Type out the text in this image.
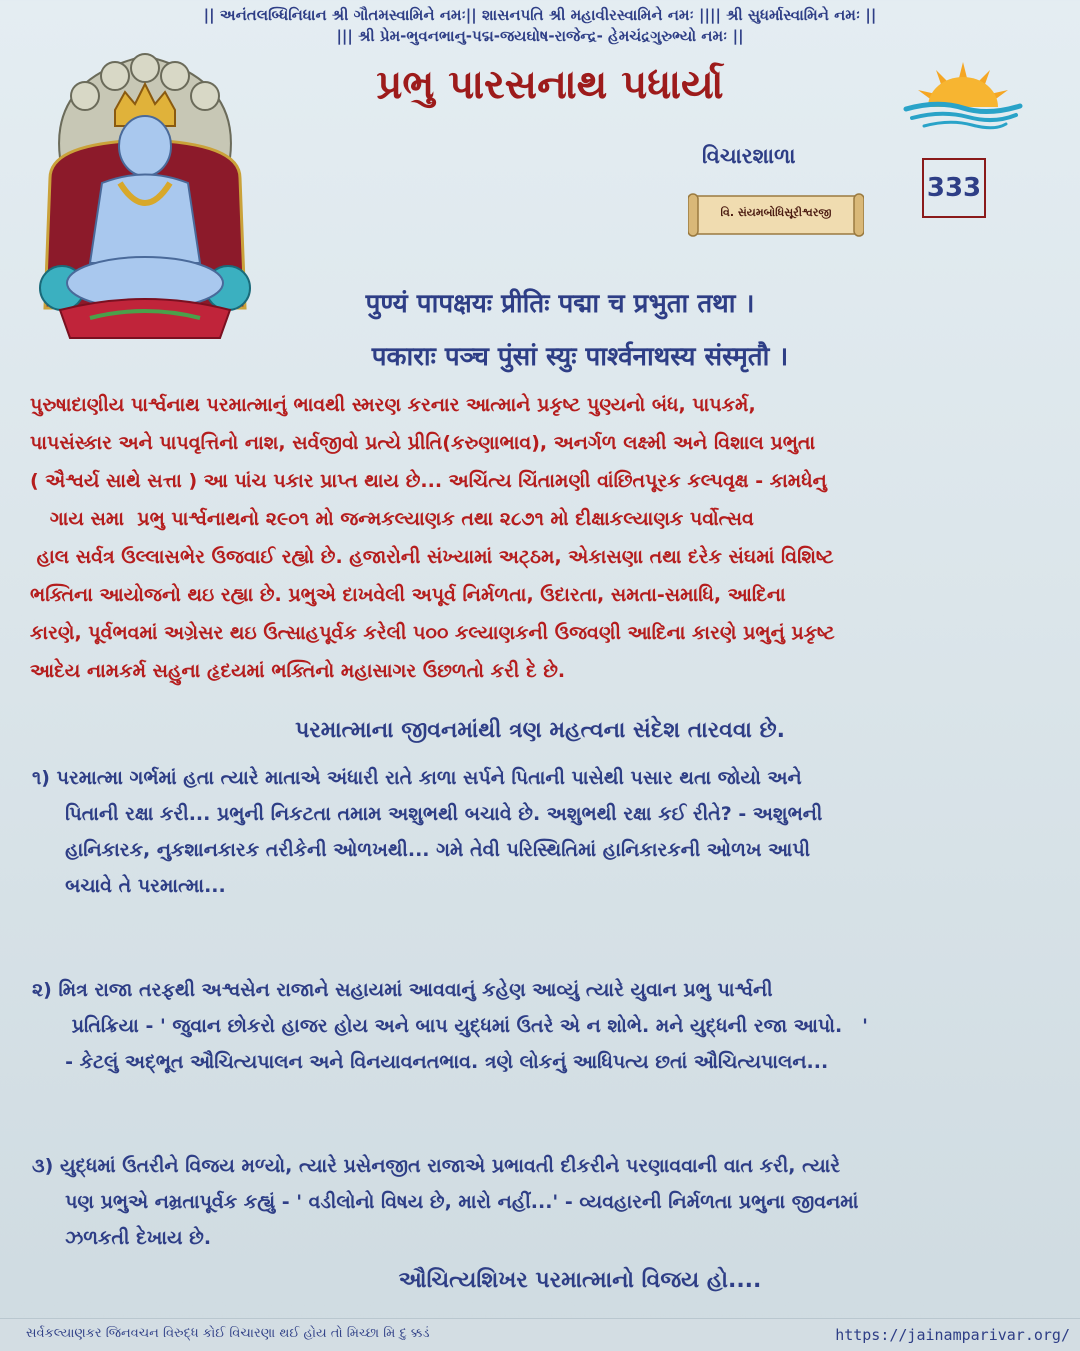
|| અનંતલબ્ધિનિધાન શ્રી ગૌતમસ્વામિને નમઃ|| શાસનપતિ શ્રી મહાવીરસ્વામિને નમઃ |||| શ્રી સુધર્માસ્વામિને નમઃ ||
||| શ્રી પ્રેમ-ભુવનભાનુ-પદ્મ-જયઘોષ-રાજેન્દ્ર- હેમચંદ્રગુરુભ્યો નમઃ ||
પ્રભુ પારસનાથ પધાર્યા
વિચારશાળા
333
વિ. સંયમબોધિસૂરીશ્વરજી
पुण्यं पापक्षयः प्रीतिः पद्मा च प्रभुता तथा ।
पकाराः पञ्च पुंसां स्युः पार्श्वनाथस्य संस्मृतौ ।
પુરુષાદાણીય પાર્શ્વનાથ પરમાત્માનું ભાવથી સ્મરણ કરનાર આત્માને પ્રકૃષ્ટ પુણ્યનો બંધ, પાપકર્મ,
પાપસંસ્કાર અને પાપવૃત્તિનો નાશ, સર્વજીવો પ્રત્યે પ્રીતિ(કરુણાભાવ), અનર્ગળ લક્ષ્મી અને વિશાલ પ્રભુતા
( ઐશ્વર્ય સાથે સત્તા ) આ પાંચ પકાર પ્રાપ્ત થાય છે... અચિંત્ય ચિંતામણી વાંછિતપૂરક કલ્પવૃક્ષ - કામધેનુ
ગાય સમા  પ્રભુ પાર્શ્વનાથનો ૨૯૦૧ મો જન્મકલ્યાણક તથા ૨૮૭૧ મો દીક્ષાકલ્યાણક પર્વોત્સવ
હાલ સર્વત્ર ઉલ્લાસભેર ઉજવાઈ રહ્યો છે. હજારોની સંખ્યામાં અટ્ઠમ, એકાસણા તથા દરેક સંઘમાં વિશિષ્ટ
ભક્તિના આયોજનો થઇ રહ્યા છે. પ્રભુએ દાખવેલી અપૂર્વ નિર્મળતા, ઉદારતા, સમતા-સમાધિ, આદિના
કારણે, પૂર્વભવમાં અગ્રેસર થઇ ઉત્સાહપૂર્વક કરેલી ૫૦૦ કલ્યાણકની ઉજવણી આદિના કારણે પ્રભુનું પ્રકૃષ્ટ
આદેય નામકર્મ સહુના હૃદયમાં ભક્તિનો મહાસાગર ઉછળતો કરી દે છે.
પરમાત્માના જીવનમાંથી ત્રણ મહત્વના સંદેશ તારવવા છે.
૧) પરમાત્મા ગર્ભમાં હતા ત્યારે માતાએ અંધારી રાતે કાળા સર્પને પિતાની પાસેથી પસાર થતા જોયો અને
પિતાની રક્ષા કરી... પ્રભુની નિકટતા તમામ અશુભથી બચાવે છે. અશુભથી રક્ષા કઈ રીતે? - અશુભની
હાનિકારક, નુકશાનકારક તરીકેની ઓળખથી... ગમે તેવી પરિસ્થિતિમાં હાનિકારકની ઓળખ આપી
બચાવે તે પરમાત્મા...
૨) મિત્ર રાજા તરફથી અશ્વસેન રાજાને સહાયમાં આવવાનું કહેણ આવ્યું ત્યારે યુવાન પ્રભુ પાર્શ્વની
પ્રતિક્રિયા - ' જુવાન છોકરો હાજર હોય અને બાપ યુદ્ધમાં ઉતરે એ ન શોભે. મને યુદ્ધની રજા આપો.   '
- કેટલું અદ્ભૂત ઔચિત્યપાલન અને વિનયાવનતભાવ. ત્રણે લોકનું આધિપત્ય છતાં ઔચિત્યપાલન...
૩) યુદ્ધમાં ઉતરીને વિજય મળ્યો, ત્યારે પ્રસેનજીત રાજાએ પ્રભાવતી દીકરીને પરણાવવાની વાત કરી, ત્યારે
પણ પ્રભુએ નમ્રતાપૂર્વક કહ્યું - ' વડીલોનો વિષય છે, મારો નહીં...' - વ્યવહારની નિર્મળતા પ્રભુના જીવનમાં
ઝળકતી દેખાય છે.
ઔચિત્યશિખર પરમાત્માનો વિજય હો....
સર્વકલ્યાણકર જિનવચન વિરુદ્ધ કોઈ વિચારણા થઈ હોય તો મિચ્છા મિ દુ ક્કડં	https://jainamparivar.org/
